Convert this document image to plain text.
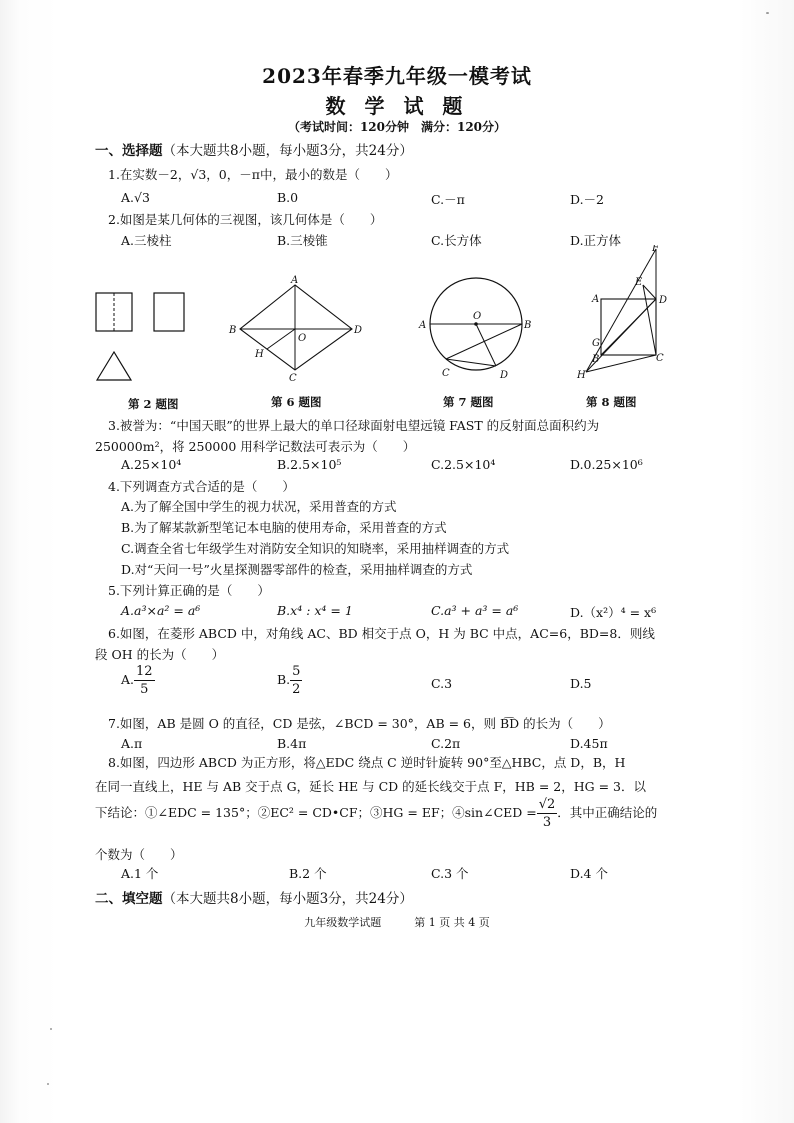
2023年春季九年级一模考试
数 学 试 题
（考试时间：120分钟　满分：120分）
一、选择题（本大题共8小题，每小题3分，共24分）
1.在实数－2，√3，0，－π中，最小的数是（　　）
A.√3	B.0	C.－π	D.－2
2.如图是某几何体的三视图，该几何体是（　　）
A.三棱柱	B.三棱锥	C.长方体	D.正方体
A
B
C
D
O
H
A
O
B
C	D
F
E
A	D
G
B	C
H
第 2 题图	第 6 题图	第 7 题图	第 8 题图
3.被誉为：“中国天眼”的世界上最大的单口径球面射电望远镜 FAST 的反射面总面积约为
250000m²，将 250000 用科学记数法可表示为（　　）
A.25×10⁴	B.2.5×10⁵	C.2.5×10⁴	D.0.25×10⁶
4.下列调查方式合适的是（　　）
A.为了解全国中学生的视力状况，采用普查的方式
B.为了解某款新型笔记本电脑的使用寿命，采用普查的方式
C.调查全省七年级学生对消防安全知识的知晓率，采用抽样调查的方式
D.对“天问一号”火星探测器零部件的检查，采用抽样调查的方式
5.下列计算正确的是（　　）
A.a³×a² = a⁶	B.x⁴ : x⁴ = 1	C.a³ + a³ = a⁶	D.（x²）⁴ = x⁶
6.如图，在菱形 ABCD 中，对角线 AC、BD 相交于点 O，H 为 BC 中点，AC=6，BD=8．则线
段 OH 的长为（　　）
A. $\frac{12}{5}$	B. $\frac{5}{2}$	C.3	D.5
7.如图，AB 是圆 O 的直径，CD 是弦，∠BCD = 30°，AB = 6，则 B͡D 的长为（　　）
A.π	B.4π	C.2π	D.45π
8.如图，四边形 ABCD 为正方形，将△EDC 绕点 C 逆时针旋转 90°至△HBC，点 D，B，H
在同一直线上，HE 与 AB 交于点 G，延长 HE 与 CD 的延长线交于点 F，HB = 2，HG = 3．以
下结论：①∠EDC = 135°；②EC² = CD•CF；③HG = EF；④sin∠CED = $\frac{√2}{3}$ ．其中正确结论的
个数为（　　）
A.1 个	B.2 个	C.3 个	D.4 个
二、填空题（本大题共8小题，每小题3分，共24分）
九年级数学试题　　　第 1 页 共 4 页
